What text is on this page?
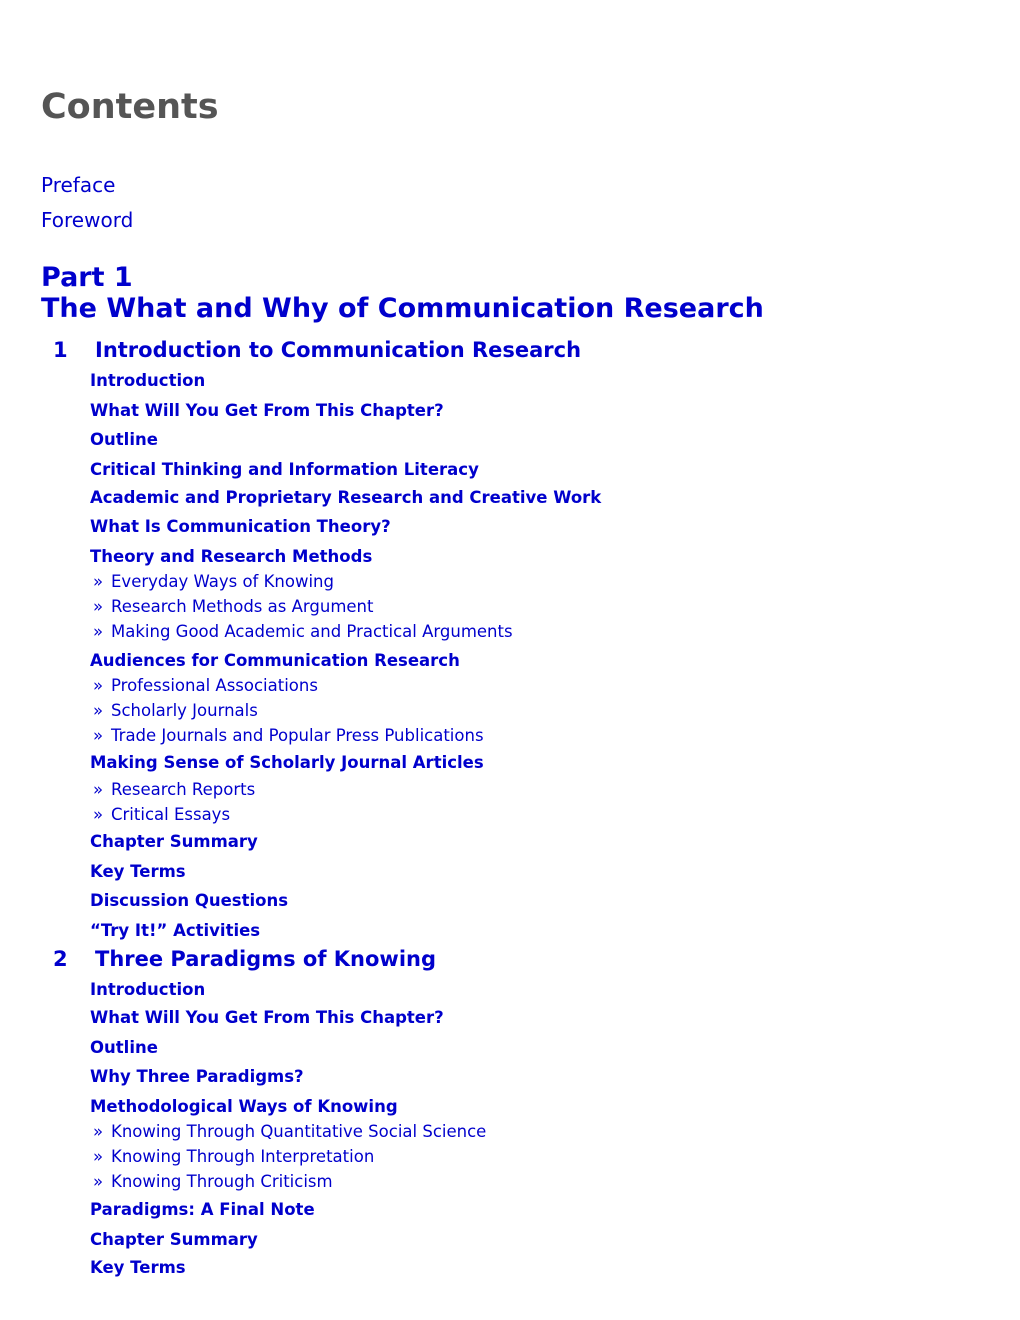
Contents
Preface
Foreword
Part 1
The What and Why of Communication Research
1 Introduction to Communication Research
Introduction
What Will You Get From This Chapter?
Outline
Critical Thinking and Information Literacy
Academic and Proprietary Research and Creative Work
What Is Communication Theory?
Theory and Research Methods
» Everyday Ways of Knowing
» Research Methods as Argument
» Making Good Academic and Practical Arguments
Audiences for Communication Research
» Professional Associations
» Scholarly Journals
» Trade Journals and Popular Press Publications
Making Sense of Scholarly Journal Articles
» Research Reports
» Critical Essays
Chapter Summary
Key Terms
Discussion Questions
“Try It!” Activities
2 Three Paradigms of Knowing
Introduction
What Will You Get From This Chapter?
Outline
Why Three Paradigms?
Methodological Ways of Knowing
» Knowing Through Quantitative Social Science
» Knowing Through Interpretation
» Knowing Through Criticism
Paradigms: A Final Note
Chapter Summary
Key Terms
